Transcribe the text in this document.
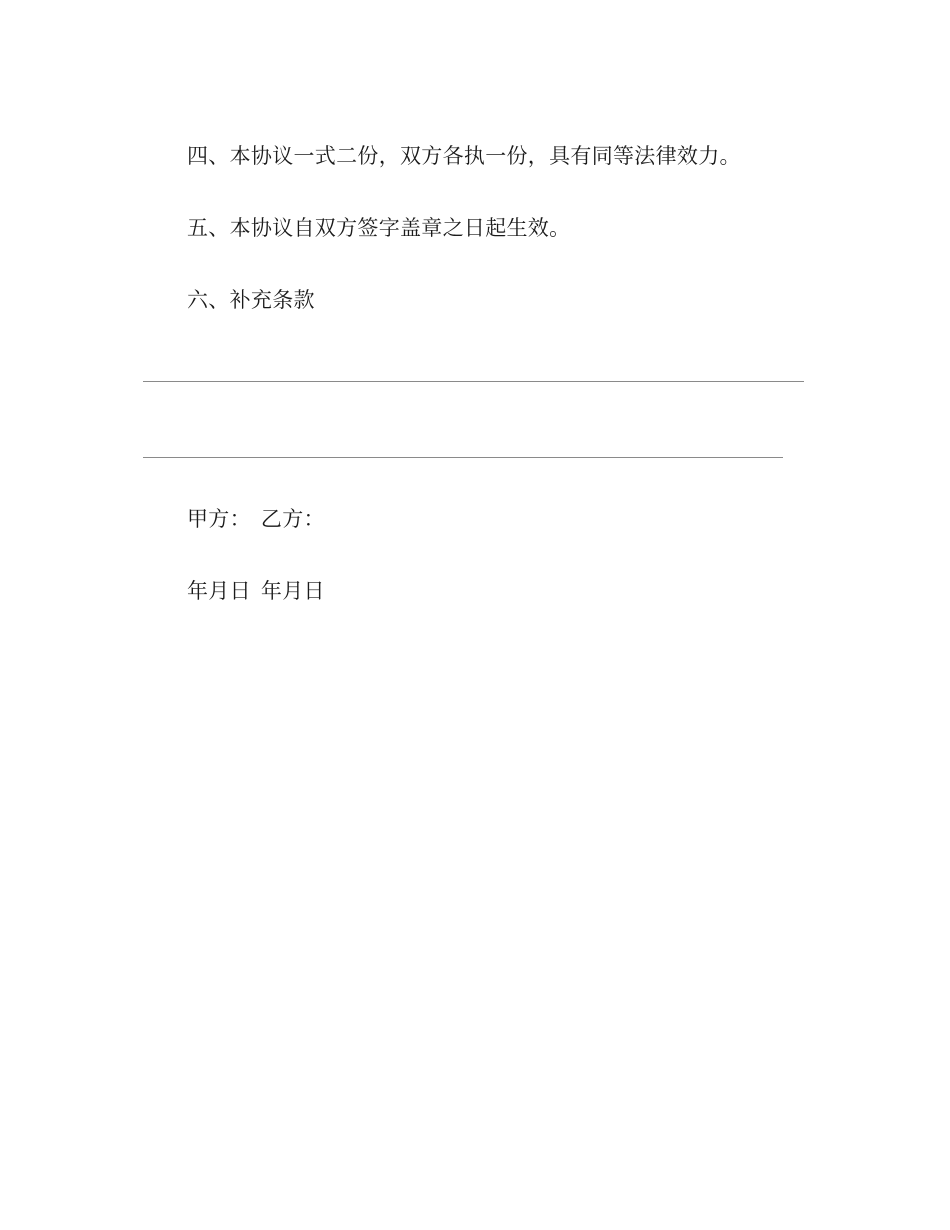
四、本协议一式二份，双方各执一份，具有同等法律效力。
五、本协议自双方签字盖章之日起生效。
六、补充条款
甲方： 乙方：
年月日 年月日
